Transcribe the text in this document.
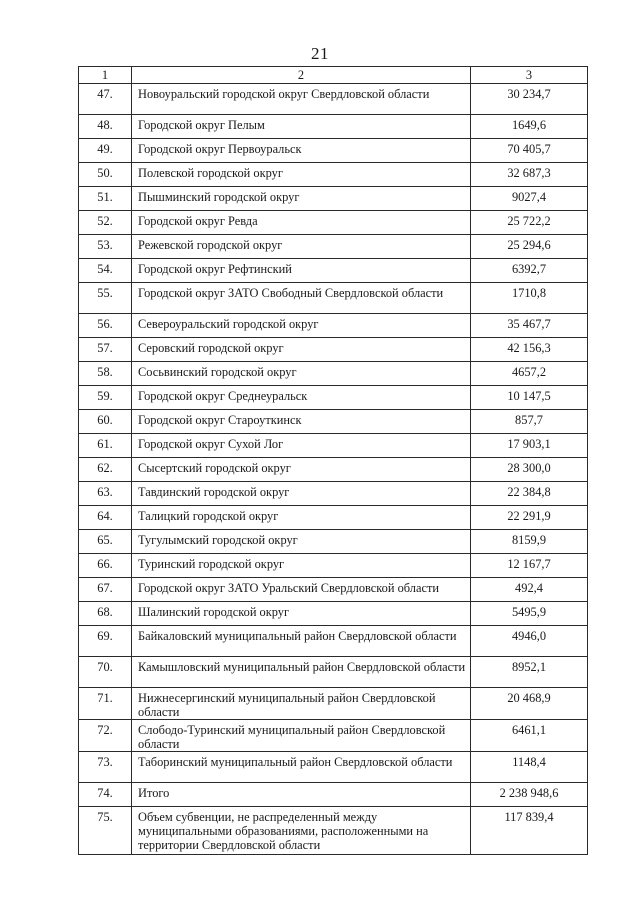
21
1	2	3
47.	Новоуральский городской округ Свердловской области	30 234,7
48.	Городской округ Пелым	1649,6
49.	Городской округ Первоуральск	70 405,7
50.	Полевской городской округ	32 687,3
51.	Пышминский городской округ	9027,4
52.	Городской округ Ревда	25 722,2
53.	Режевской городской округ	25 294,6
54.	Городской округ Рефтинский	6392,7
55.	Городской округ ЗАТО Свободный Свердловской области	1710,8
56.	Североуральский городской округ	35 467,7
57.	Серовский городской округ	42 156,3
58.	Сосьвинский городской округ	4657,2
59.	Городской округ Среднеуральск	10 147,5
60.	Городской округ Староуткинск	857,7
61.	Городской округ Сухой Лог	17 903,1
62.	Сысертский городской округ	28 300,0
63.	Тавдинский городской округ	22 384,8
64.	Талицкий городской округ	22 291,9
65.	Тугулымский городской округ	8159,9
66.	Туринский городской округ	12 167,7
67.	Городской округ ЗАТО Уральский Свердловской области	492,4
68.	Шалинский городской округ	5495,9
69.	Байкаловский муниципальный район Свердловской области	4946,0
70.	Камышловский муниципальный район Свердловской области	8952,1
71.	Нижнесергинский муниципальный район Свердловской области	20 468,9
72.	Слободо-Туринский муниципальный район Свердловской области	6461,1
73.	Таборинский муниципальный район Свердловской области	1148,4
74.	Итого	2 238 948,6
75.	Объем субвенции, не распределенный между муниципальными образованиями, расположенными на территории Свердловской области	117 839,4
